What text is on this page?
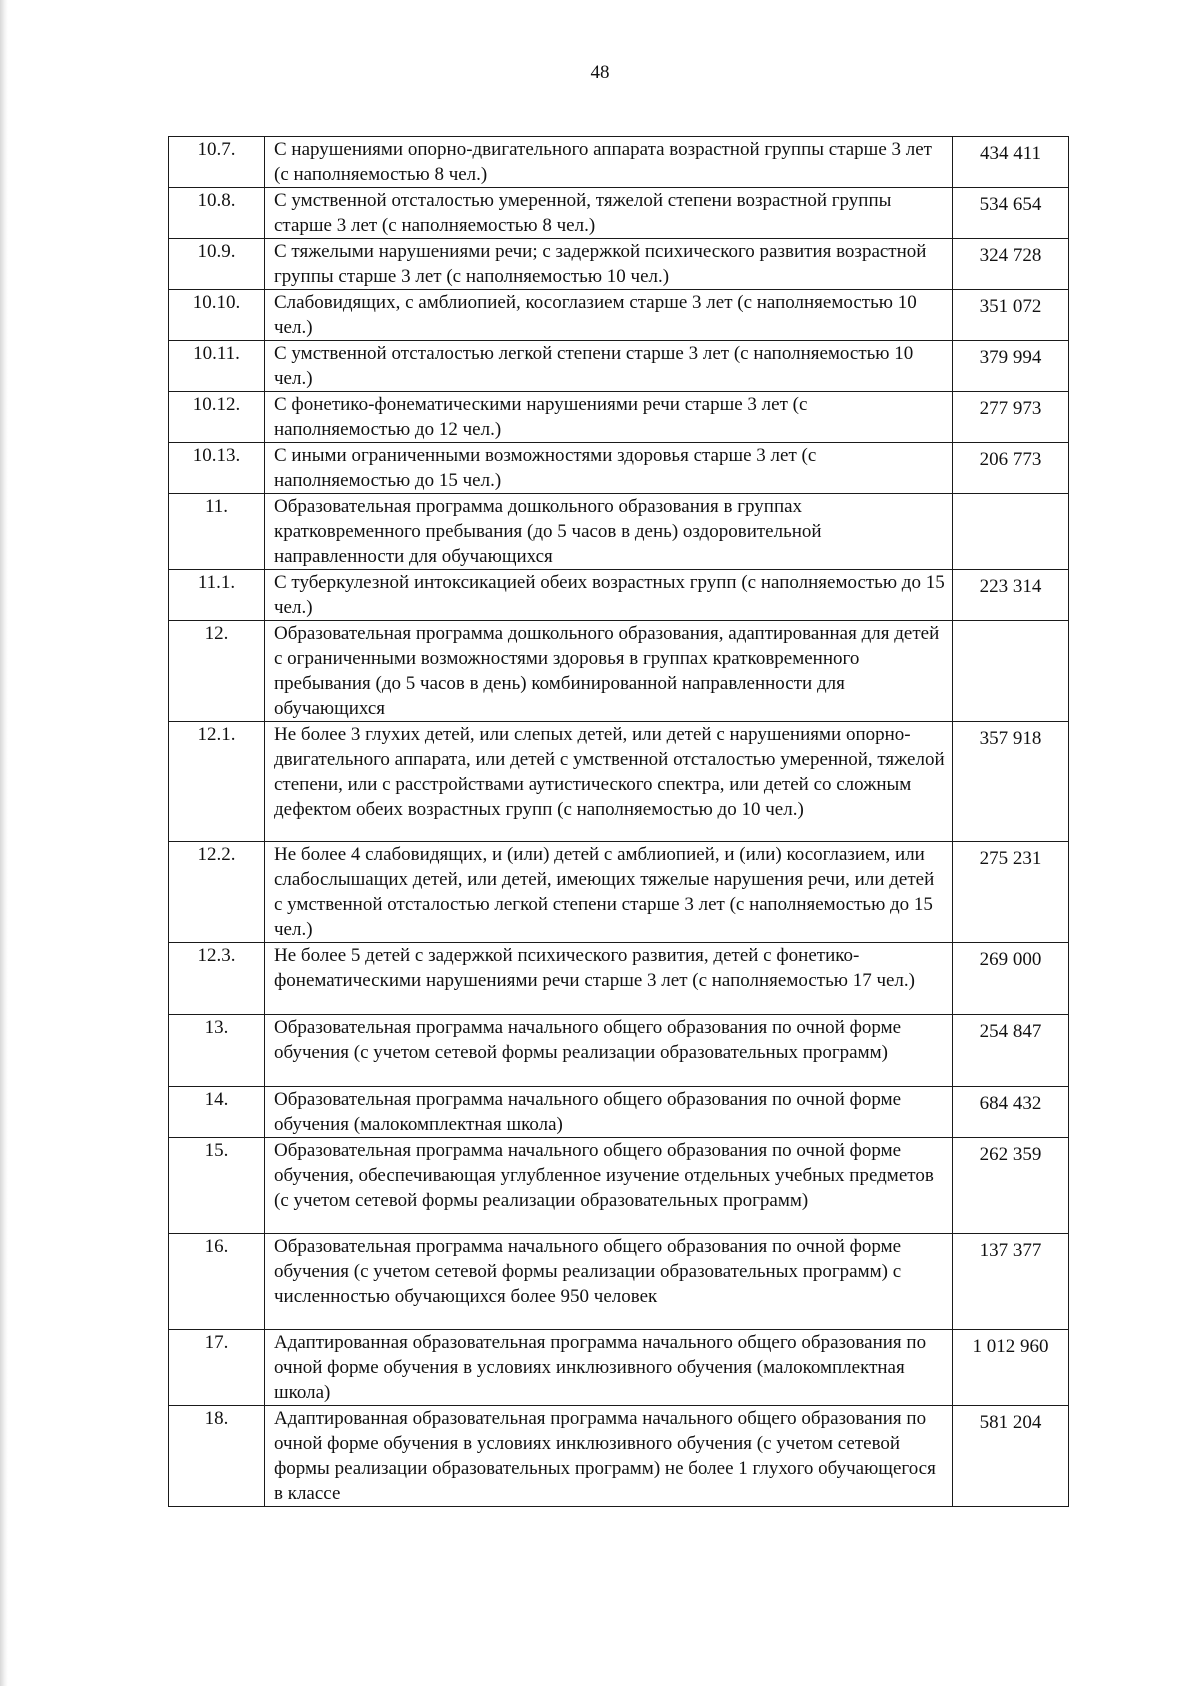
48
10.7.	С нарушениями опорно-двигательного аппарата возрастной группы старше 3 лет (с наполняемостью 8 чел.)	434 411
10.8.	С умственной отсталостью умеренной, тяжелой степени возрастной группы старше 3 лет (с наполняемостью 8 чел.)	534 654
10.9.	С тяжелыми нарушениями речи; с задержкой психического развития возрастной группы старше 3 лет (с наполняемостью 10 чел.)	324 728
10.10.	Слабовидящих, с амблиопией, косоглазием старше 3 лет (с наполняемостью 10 чел.)	351 072
10.11.	С умственной отсталостью легкой степени старше 3 лет (с наполняемостью 10 чел.)	379 994
10.12.	С фонетико-фонематическими нарушениями речи старше 3 лет (с наполняемостью до 12 чел.)	277 973
10.13.	С иными ограниченными возможностями здоровья старше 3 лет (с наполняемостью до 15 чел.)	206 773
11.	Образовательная программа дошкольного образования в группах кратковременного пребывания (до 5 часов в день) оздоровительной направленности для обучающихся	
11.1.	С туберкулезной интоксикацией обеих возрастных групп (с наполняемостью до 15 чел.)	223 314
12.	Образовательная программа дошкольного образования, адаптированная для детей с ограниченными возможностями здоровья в группах кратковременного пребывания (до 5 часов в день) комбинированной направленности для обучающихся	
12.1.	Не более 3 глухих детей, или слепых детей, или детей с нарушениями опорно-двигательного аппарата, или детей с умственной отсталостью умеренной, тяжелой степени, или с расстройствами аутистического спектра, или детей со сложным дефектом обеих возрастных групп (с наполняемостью до 10 чел.)	357 918
12.2.	Не более 4 слабовидящих, и (или) детей с амблиопией, и (или) косоглазием, или слабослышащих детей, или детей, имеющих тяжелые нарушения речи, или детей с умственной отсталостью легкой степени старше 3 лет (с наполняемостью до 15 чел.)	275 231
12.3.	Не более 5 детей с задержкой психического развития, детей с фонетико-фонематическими нарушениями речи старше 3 лет (с наполняемостью 17 чел.)	269 000
13.	Образовательная программа начального общего образования по очной форме обучения (с учетом сетевой формы реализации образовательных программ)	254 847
14.	Образовательная программа начального общего образования по очной форме обучения (малокомплектная школа)	684 432
15.	Образовательная программа начального общего образования по очной форме обучения, обеспечивающая углубленное изучение отдельных учебных предметов (с учетом сетевой формы реализации образовательных программ)	262 359
16.	Образовательная программа начального общего образования по очной форме обучения (с учетом сетевой формы реализации образовательных программ) с численностью обучающихся более 950 человек	137 377
17.	Адаптированная образовательная программа начального общего образования по очной форме обучения в условиях инклюзивного обучения (малокомплектная школа)	1 012 960
18.	Адаптированная образовательная программа начального общего образования по очной форме обучения в условиях инклюзивного обучения (с учетом сетевой формы реализации образовательных программ) не более 1 глухого обучающегося в классе	581 204
